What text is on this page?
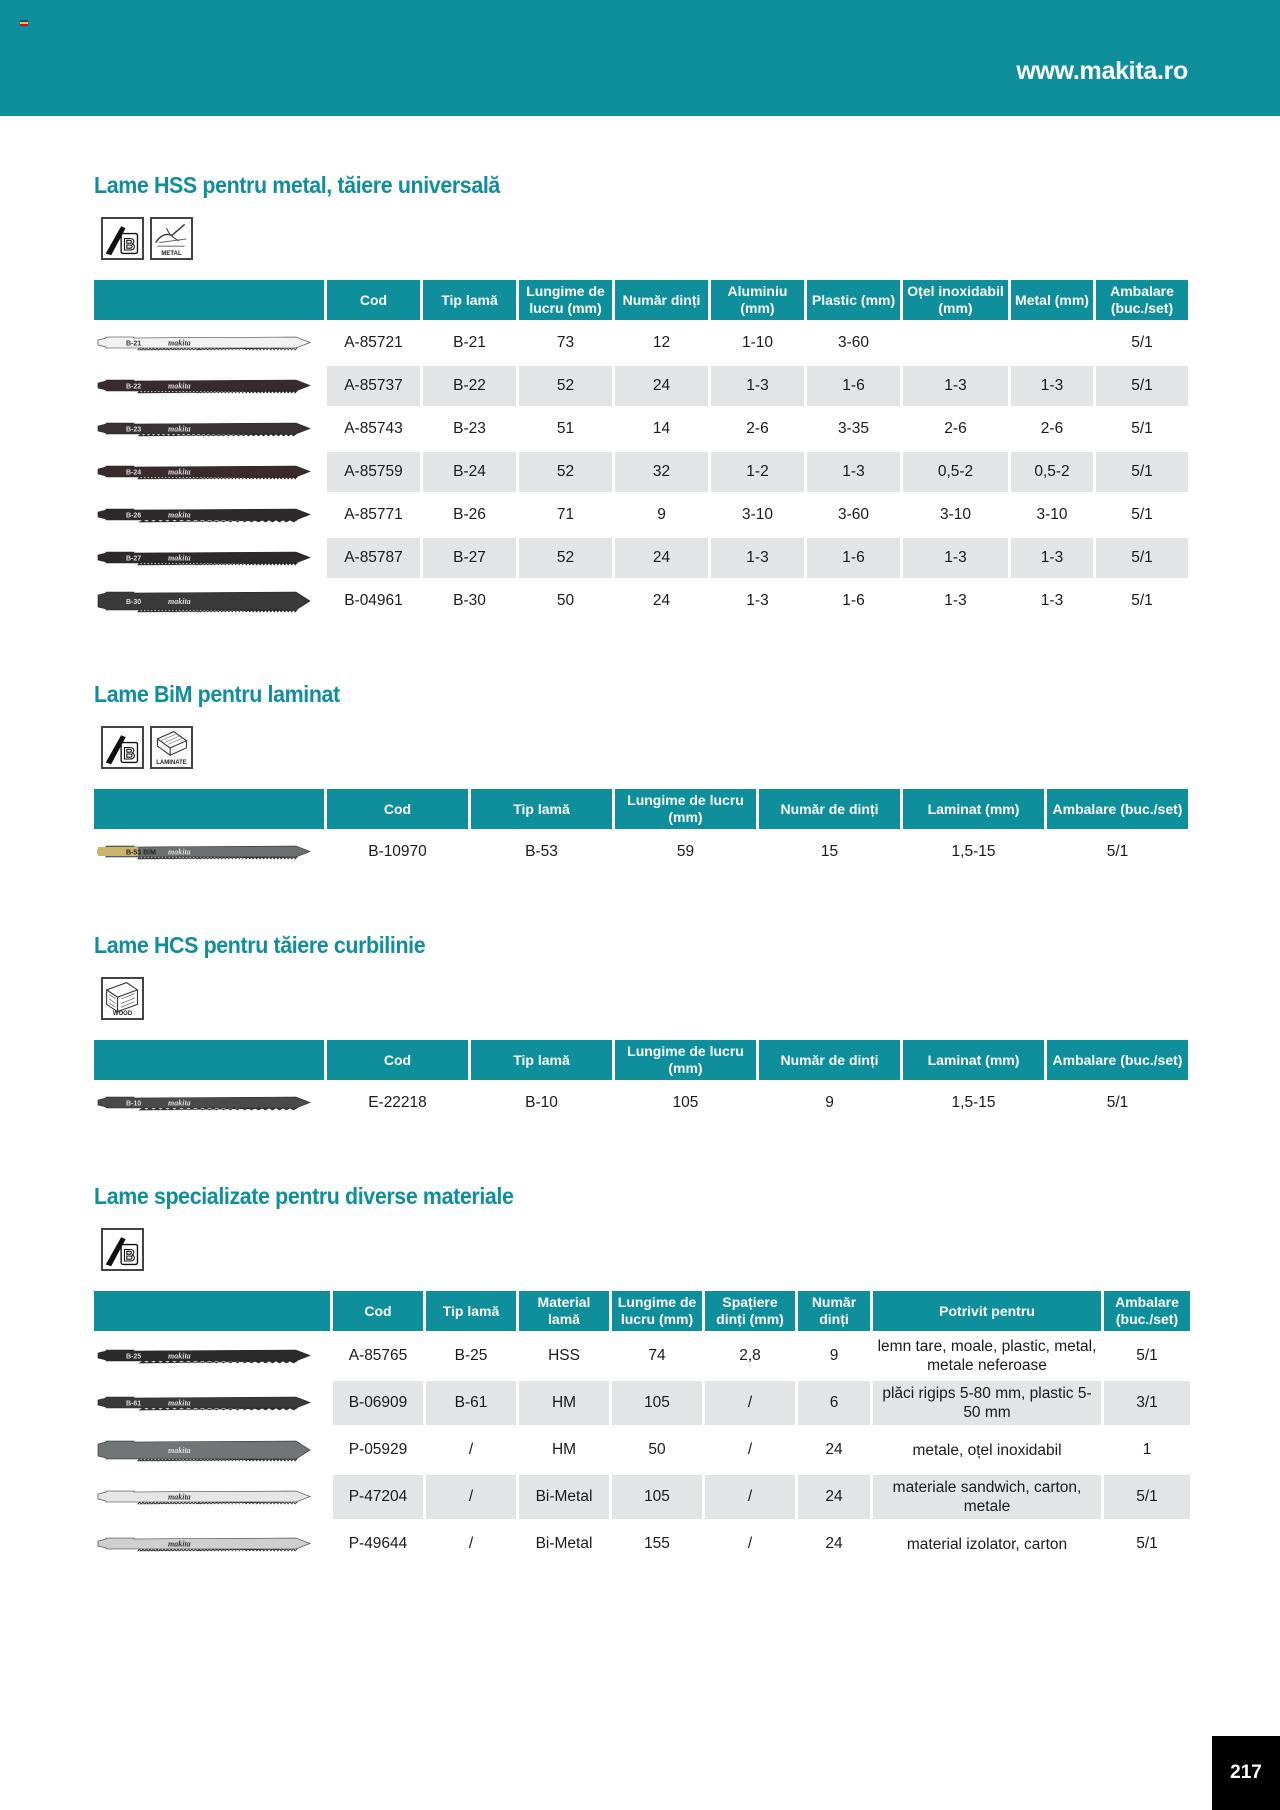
www.makita.ro
Lame HSS pentru metal, tăiere universală
B
METAL
	Cod	Tip lamă	Lungime de lucru (mm)	Număr dinți	Aluminiu (mm)	Plastic (mm)	Oțel inoxidabil (mm)	Metal (mm)	Ambalare (buc./set)

B-21 makita	A-85721	B-21	73	12	1-10	3-60			5/1

B-22 makita	A-85737	B-22	52	24	1-3	1-6	1-3	1-3	5/1

B-23 makita	A-85743	B-23	51	14	2-6	3-35	2-6	2-6	5/1

B-24 makita	A-85759	B-24	52	32	1-2	1-3	0,5-2	0,5-2	5/1

B-26 makita	A-85771	B-26	71	9	3-10	3-60	3-10	3-10	5/1

B-27 makita	A-85787	B-27	52	24	1-3	1-6	1-3	1-3	5/1

B-30 makita	B-04961	B-30	50	24	1-3	1-6	1-3	1-3	5/1
Lame BiM pentru laminat
B
LAMINATE
	Cod	Tip lamă	Lungime de lucru (mm)	Număr de dinți	Laminat (mm)	Ambalare (buc./set)

B-53 BiM makita	B-10970	B-53	59	15	1,5-15	5/1
Lame HCS pentru tăiere curbilinie
WOOD
	Cod	Tip lamă	Lungime de lucru (mm)	Număr de dinți	Laminat (mm)	Ambalare (buc./set)

B-10 makita	E-22218	B-10	105	9	1,5-15	5/1
Lame specializate pentru diverse materiale
B
	Cod	Tip lamă	Material lamă	Lungime de lucru (mm)	Spațiere dinți (mm)	Număr dinți	Potrivit pentru	Ambalare (buc./set)

B-25 makita	A-85765	B-25	HSS	74	2,8	9	lemn tare, moale, plastic, metal, metale neferoase	5/1

B-61 makita	B-06909	B-61	HM	105	/	6	plăci rigips 5-80 mm, plastic 5-50 mm	3/1

makita	P-05929	/	HM	50	/	24	metale, oțel inoxidabil	1

makita	P-47204	/	Bi-Metal	105	/	24	materiale sandwich, carton, metale	5/1

makita	P-49644	/	Bi-Metal	155	/	24	material izolator, carton	5/1
217
